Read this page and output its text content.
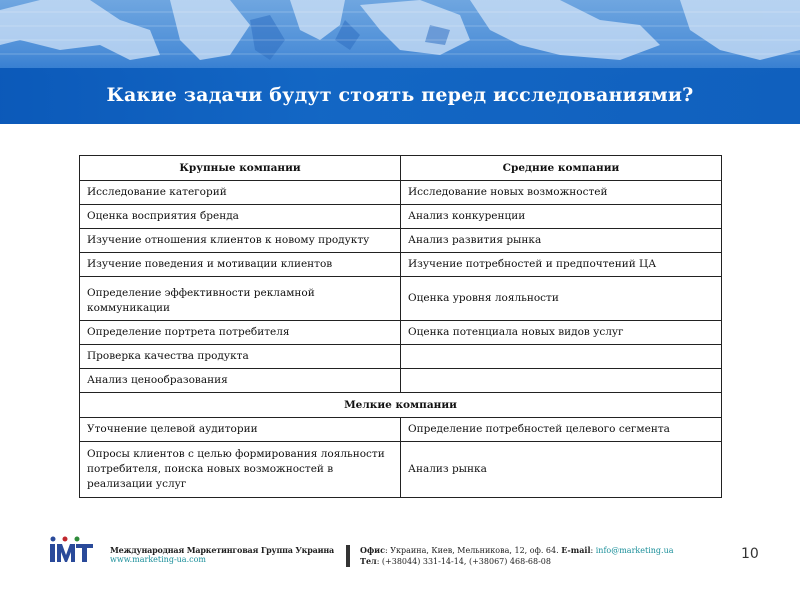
Какие задачи будут стоять перед исследованиями?
Крупные компании	Средние компании
Исследование категорий	Исследование новых возможностей
Оценка восприятия бренда	Анализ конкуренции
Изучение отношения клиентов к новому продукту	Анализ развития рынка
Изучение поведения и мотивации клиентов	Изучение потребностей и предпочтений ЦА
Определение эффективности рекламной коммуникации	Оценка уровня лояльности
Определение портрета потребителя	Оценка потенциала новых видов услуг
Проверка качества продукта	
Анализ ценообразования	
Мелкие компании	
Уточнение целевой аудитории	Определение потребностей целевого сегмента
Опросы клиентов с целью формирования лояльности потребителя, поиска новых возможностей в реализации услуг	Анализ рынка
Международная Маркетинговая Группа Украина
www.marketing-ua.com
Офис: Украина, Киев, Мельникова, 12, оф. 64. E-mail: info@marketing.ua
Тел: (+38044) 331-14-14, (+38067) 468-68-08	10
